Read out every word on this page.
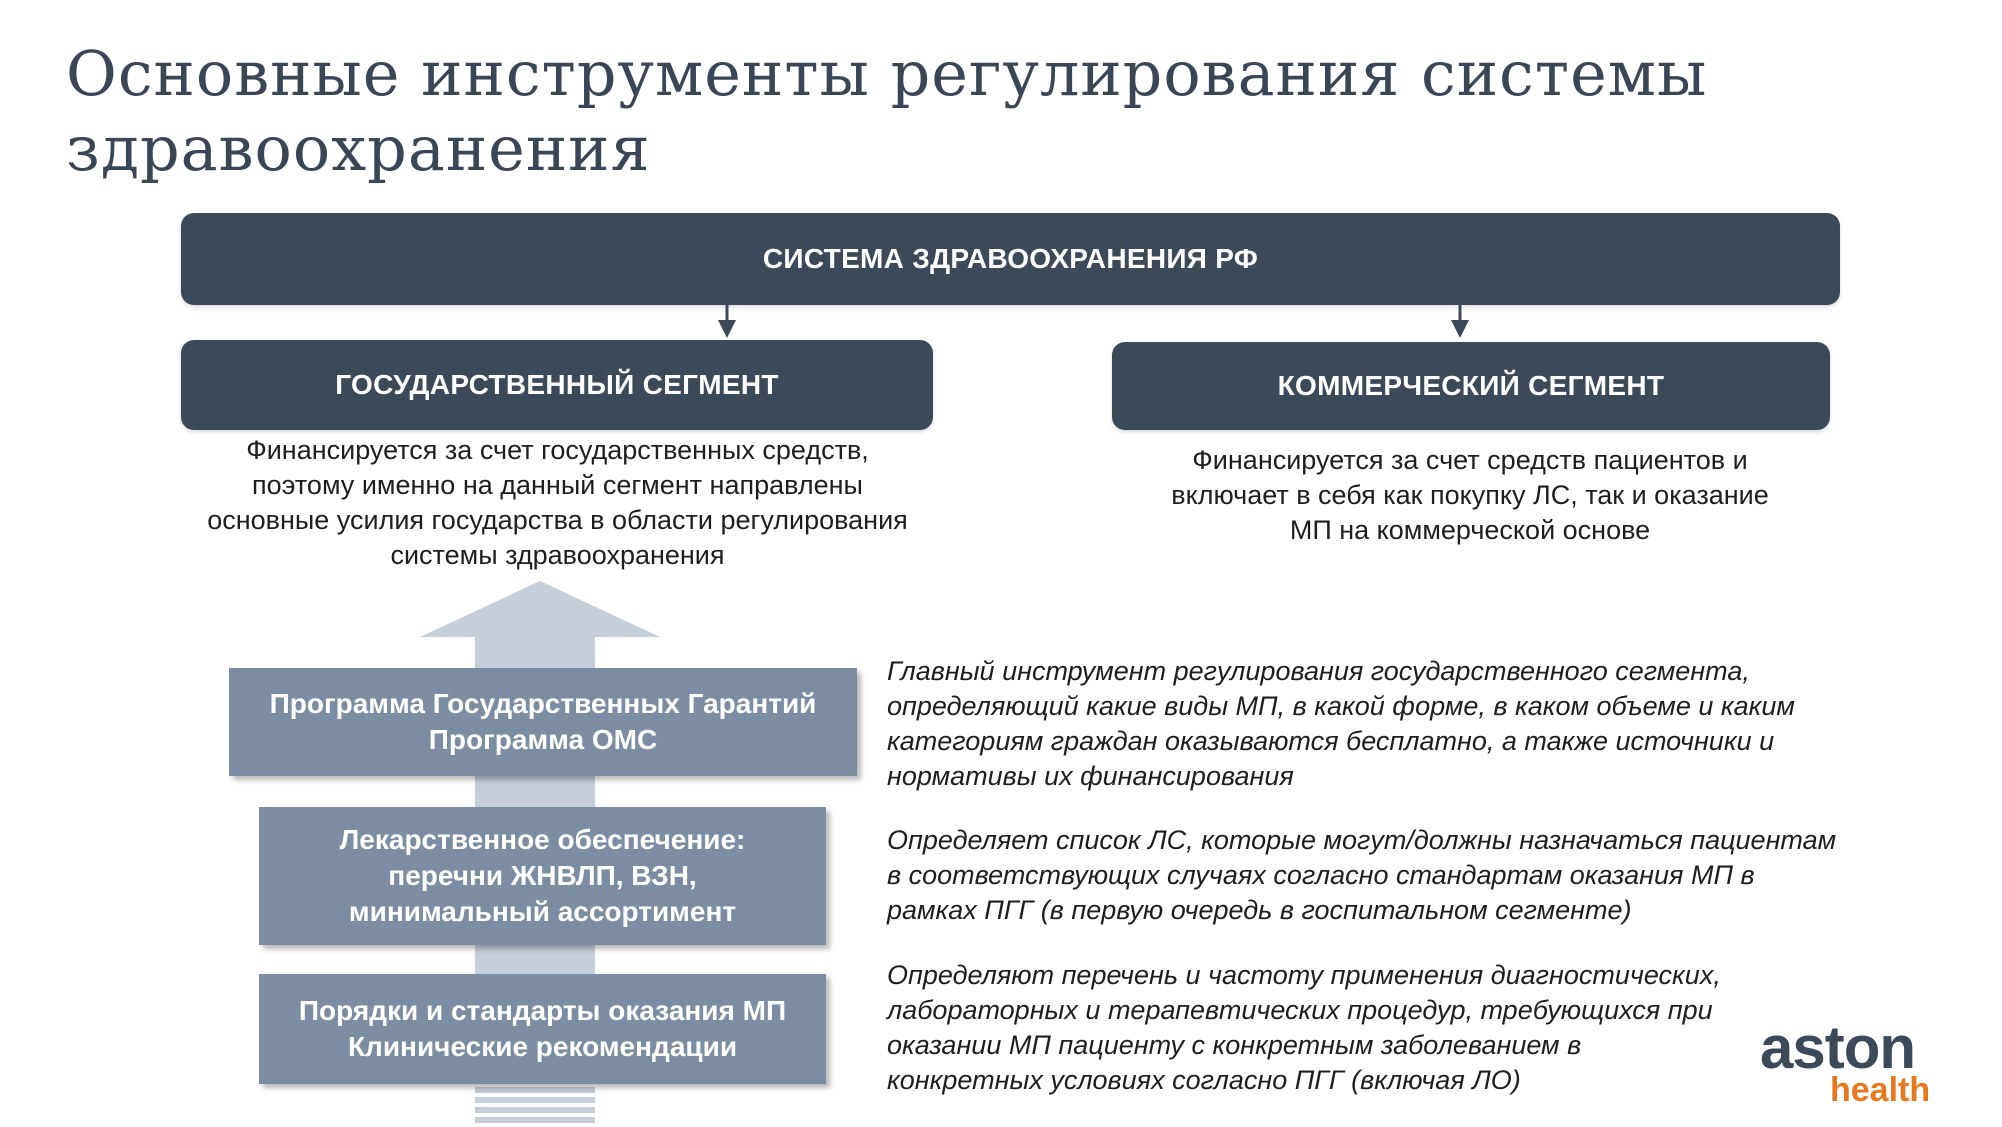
Основные инструменты регулирования системы
здравоохранения
СИСТЕМА ЗДРАВООХРАНЕНИЯ РФ
ГОСУДАРСТВЕННЫЙ СЕГМЕНТ
Финансируется за счет государственных средств,
поэтому именно на данный сегмент направлены
основные усилия государства в области регулирования
системы здравоохранения
КОММЕРЧЕСКИЙ СЕГМЕНТ
Финансируется за счет средств пациентов и
включает в себя как покупку ЛС, так и оказание
МП на коммерческой основе
Программа Государственных Гарантий
Программа ОМС
Лекарственное обеспечение:
перечни ЖНВЛП, ВЗН,
минимальный ассортимент
Порядки и стандарты оказания МП
Клинические рекомендации
Главный инструмент регулирования государственного сегмента,
определяющий какие виды МП, в какой форме, в каком объеме и каким
категориям граждан оказываются бесплатно, а также источники и
нормативы их финансирования
Определяет список ЛС, которые могут/должны назначаться пациентам
в соответствующих случаях согласно стандартам оказания МП в
рамках ПГГ (в первую очередь в госпитальном сегменте)
Определяют перечень и частоту применения диагностических,
лабораторных и терапевтических процедур, требующихся при
оказании МП пациенту с конкретным заболеванием в
конкретных условиях согласно ПГГ (включая ЛО)	aston
health
